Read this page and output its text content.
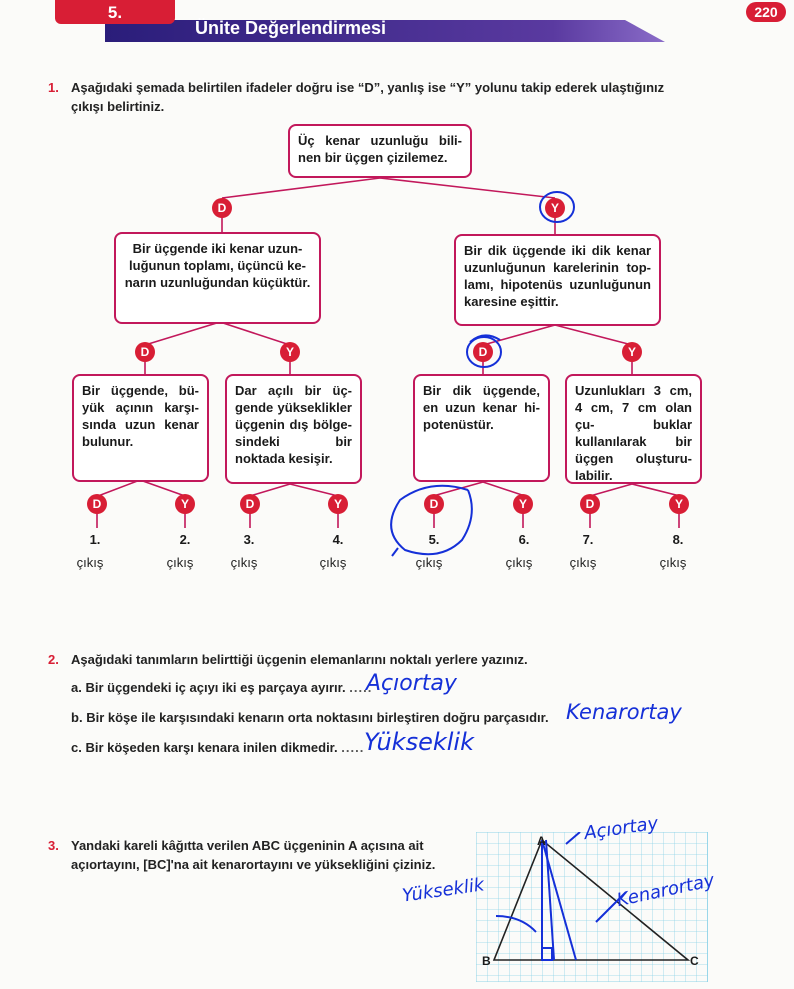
5.
Ünite Değerlendirmesi
220
1. Aşağıdaki şemada belirtilen ifadeler doğru ise “D”, yanlış ise “Y” yolunu takip ederek ulaştığınız
çıkışı belirtiniz.
Üç kenar uzunluğu bili- nen bir üçgen çizilemez.
Bir üçgende iki kenar uzun- luğunun toplamı, üçüncü ke- narın uzunluğundan küçüktür.
Bir dik üçgende iki dik kenar uzunluğunun karelerinin top- lamı, hipotenüs uzunluğunun karesine eşittir.
Bir üçgende, bü- yük açının karşı- sında uzun kenar bulunur.
Dar açılı bir üç- gende yükseklikler üçgenin dış bölge- sindeki bir noktada kesişir.
Bir dik üçgende, en uzun kenar hi- potenüstür.
Uzunlukları 3 cm, 4 cm, 7 cm olan çu- buklar kullanılarak bir üçgen oluşturu- labilir.
D	Y
D	Y	D	Y
D	Y	D	Y	D	Y	D	Y
1.	2.	3.	4.	5.	6.	7.	8.
çıkış	çıkış	çıkış	çıkış	çıkış	çıkış	çıkış	çıkış
2. Aşağıdaki tanımların belirttiği üçgenin elemanlarını noktalı yerlere yazınız.
a. Bir üçgendeki iç açıyı iki eş parçaya ayırır. .....
Açıortay
b. Bir köşe ile karşısındaki kenarın orta noktasını birleştiren doğru parçasıdır. Kenarortay
c. Bir köşeden karşı kenara inilen dikmedir. ..... Yükseklik
3. Yandaki kareli kâğıtta verilen ABC üçgeninin A açısına ait
açıortayını, [BC]'na ait kenarortayını ve yüksekliğini çiziniz.
A
B	C
Açıortay
Kenarortay
Yükseklik
